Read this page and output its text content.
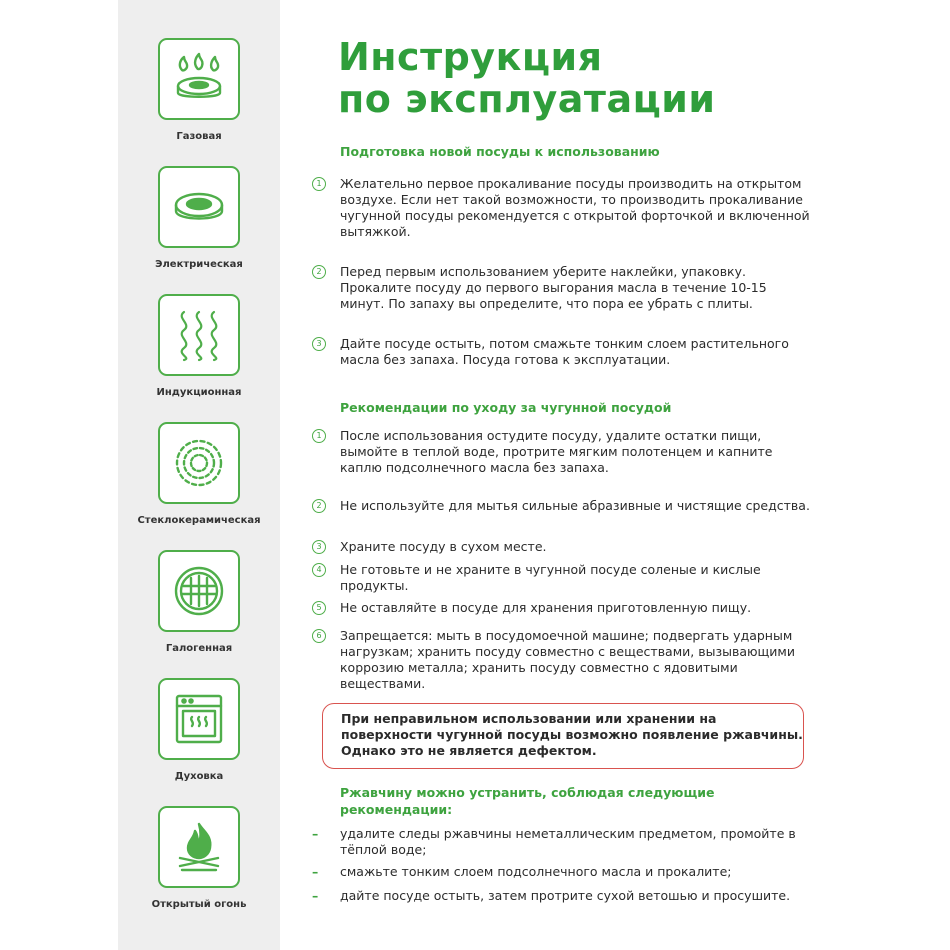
Газовая
Электрическая
Индукционная
Стеклокерамическая
Галогенная
Духовка
Открытый огонь
Инструкция
по эксплуатации
Подготовка новой посуды к использованию
1	Желательно первое прокаливание посуды производить на открытом воздухе. Если нет такой возможности, то производить прокаливание чугунной посуды рекомендуется с открытой форточкой и включенной вытяжкой.
2	Перед первым использованием уберите наклейки, упаковку. Прокалите посуду до первого выгорания масла в течение 10-15 минут. По запаху вы определите, что пора ее убрать с плиты.
3	Дайте посуде остыть, потом смажьте тонким слоем растительного масла без запаха. Посуда готова к эксплуатации.
Рекомендации по уходу за чугунной посудой
1	После использования остудите посуду, удалите остатки пищи, вымойте в теплой воде, протрите мягким полотенцем и капните каплю подсолнечного масла без запаха.
2	Не используйте для мытья сильные абразивные и чистящие средства.
3	Храните посуду в сухом месте.
4	Не готовьте и не храните в чугунной посуде соленые и кислые продукты.
5	Не оставляйте в посуде для хранения приготовленную пищу.
6	Запрещается: мыть в посудомоечной машине; подвергать ударным нагрузкам; хранить посуду совместно с веществами, вызывающими коррозию металла; хранить посуду совместно с ядовитыми веществами.
При неправильном использовании или хранении на поверхности чугунной посуды возможно появление ржавчины. Однако это не является дефектом.
Ржавчину можно устранить, соблюдая следующие
рекомендации:
– удалите следы ржавчины неметаллическим предметом, промойте в тёплой воде;
– смажьте тонким слоем подсолнечного масла и прокалите;
– дайте посуде остыть, затем протрите сухой ветошью и просушите.
